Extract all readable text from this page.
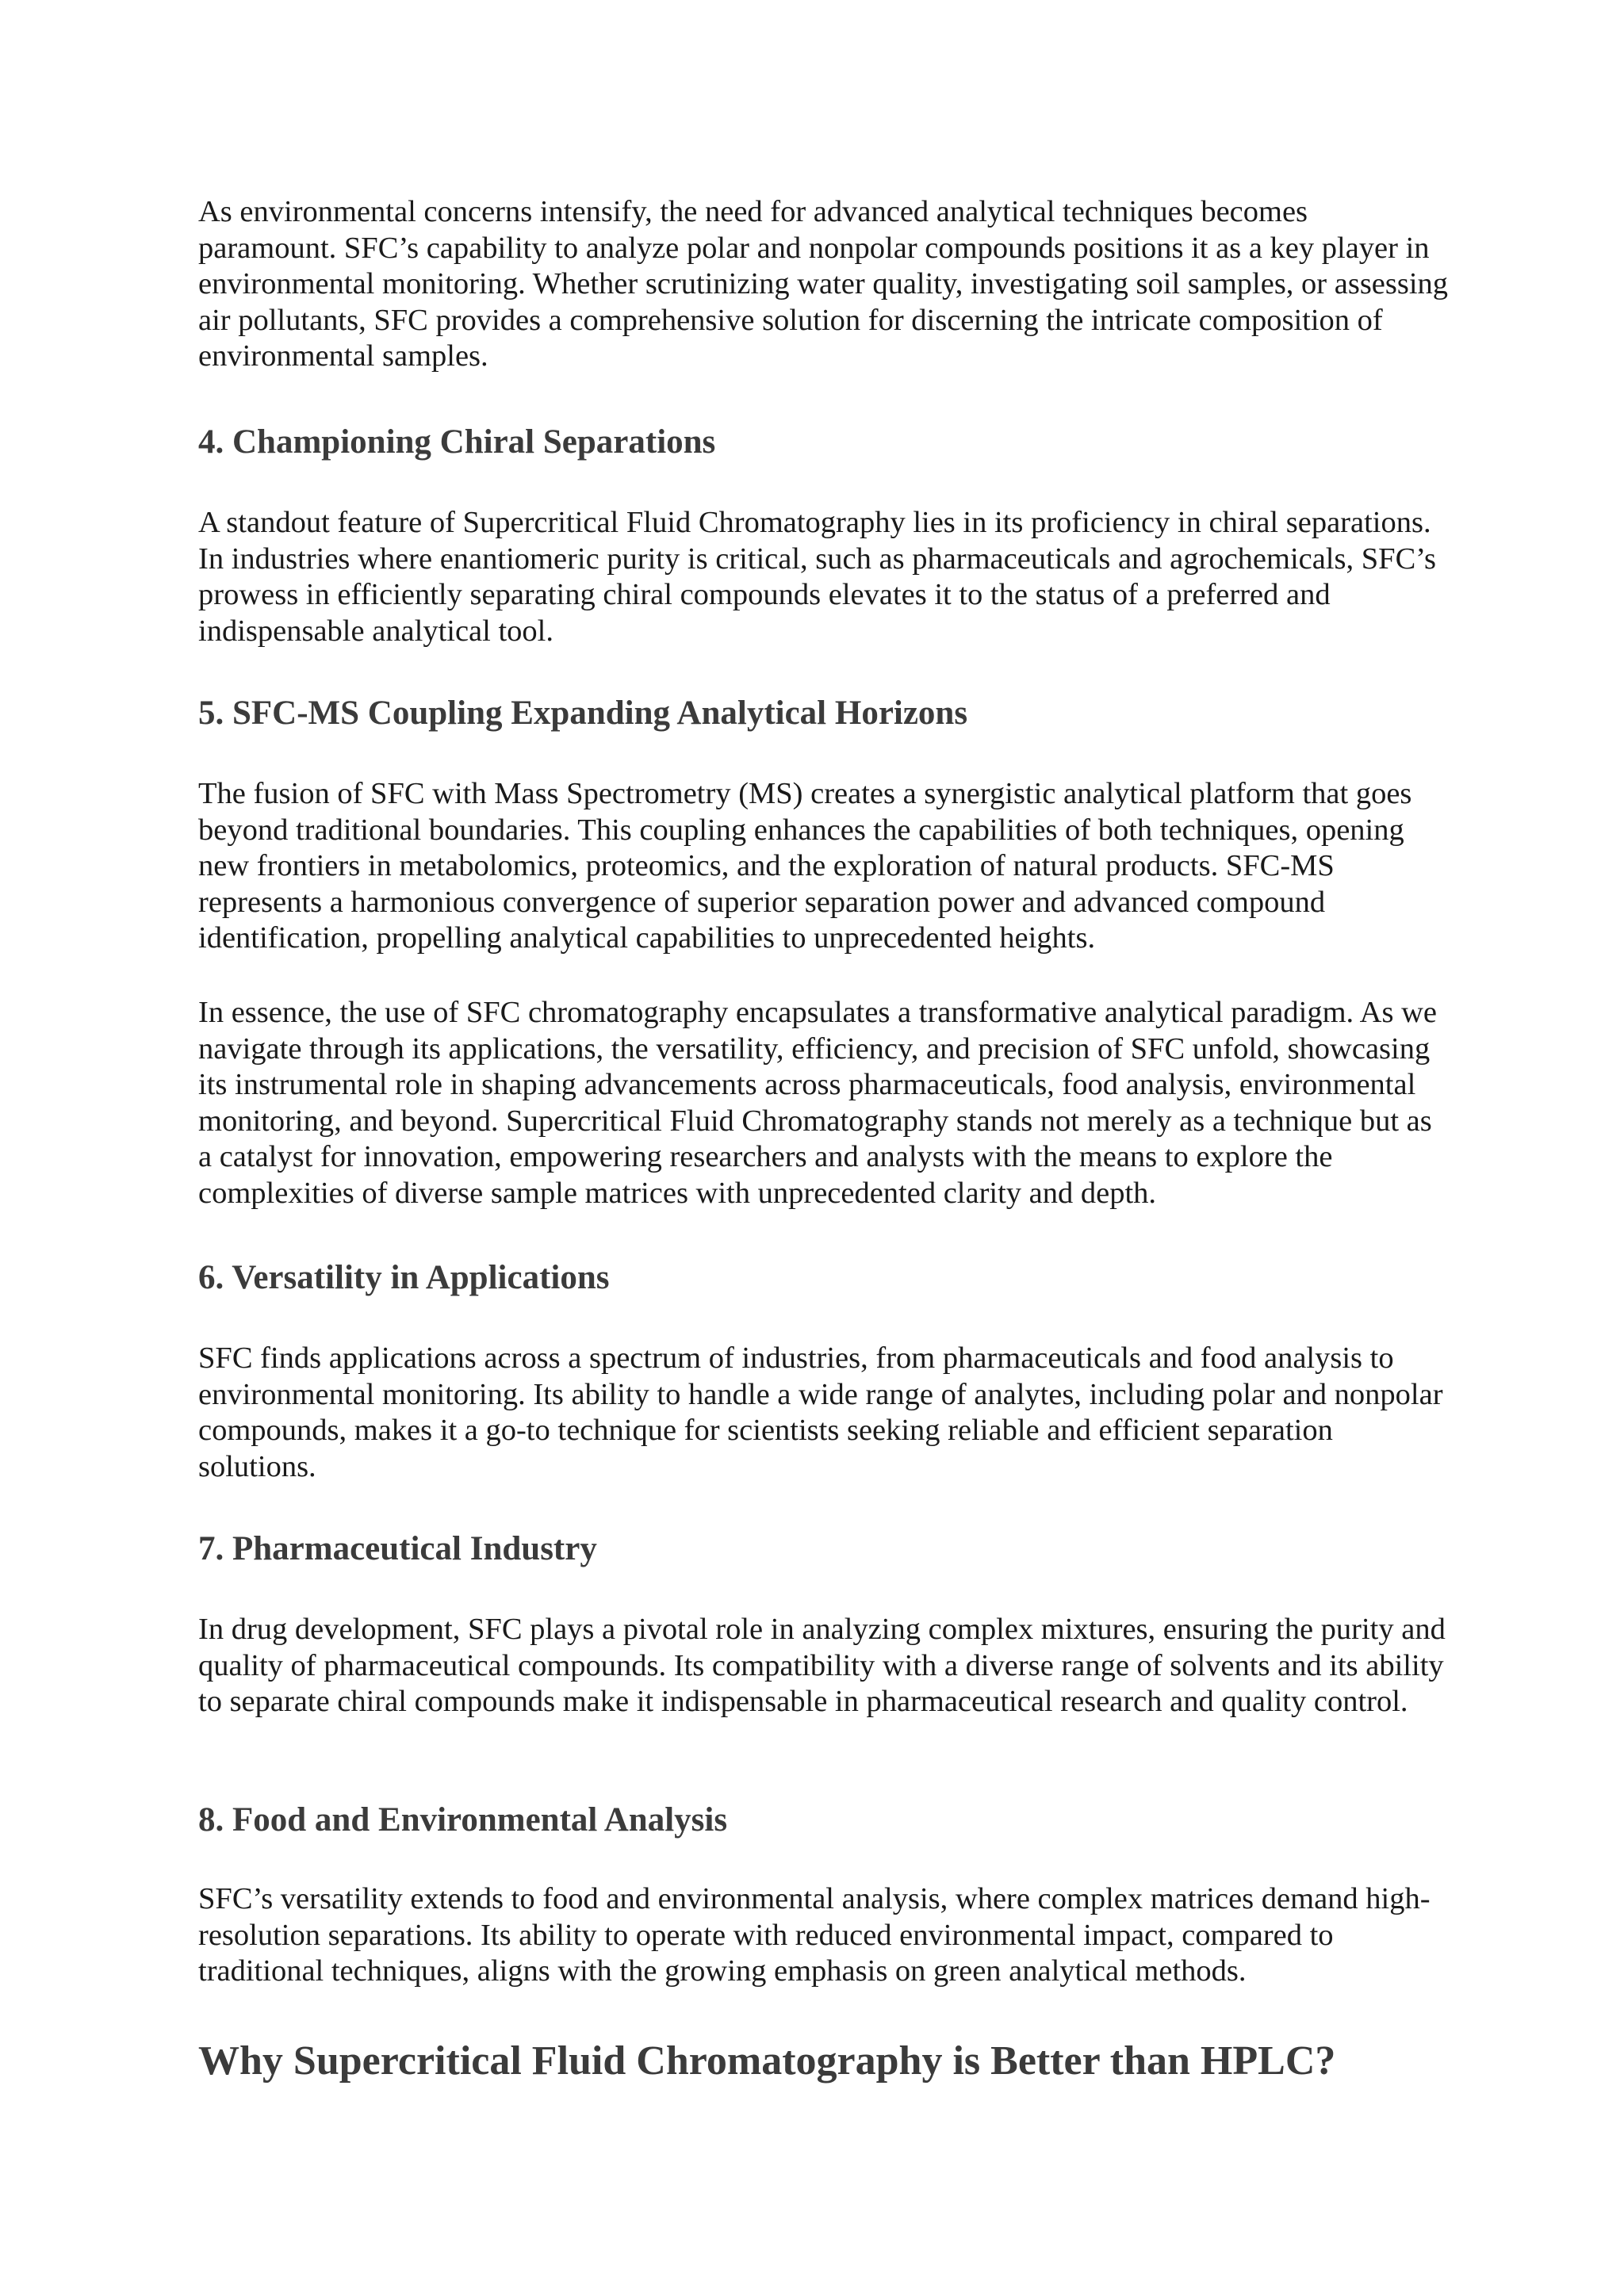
As environmental concerns intensify, the need for advanced analytical techniques becomes paramount. SFC’s capability to analyze polar and nonpolar compounds positions it as a key player in environmental monitoring. Whether scrutinizing water quality, investigating soil samples, or assessing air pollutants, SFC provides a comprehensive solution for discerning the intricate composition of environmental samples.

4. Championing Chiral Separations

A standout feature of Supercritical Fluid Chromatography lies in its proficiency in chiral separations. In industries where enantiomeric purity is critical, such as pharmaceuticals and agrochemicals, SFC’s prowess in efficiently separating chiral compounds elevates it to the status of a preferred and indispensable analytical tool.

5. SFC-MS Coupling Expanding Analytical Horizons

The fusion of SFC with Mass Spectrometry (MS) creates a synergistic analytical platform that goes beyond traditional boundaries. This coupling enhances the capabilities of both techniques, opening new frontiers in metabolomics, proteomics, and the exploration of natural products. SFC-MS represents a harmonious convergence of superior separation power and advanced compound identification, propelling analytical capabilities to unprecedented heights.

In essence, the use of SFC chromatography encapsulates a transformative analytical paradigm. As we navigate through its applications, the versatility, efficiency, and precision of SFC unfold, showcasing its instrumental role in shaping advancements across pharmaceuticals, food analysis, environmental monitoring, and beyond. Supercritical Fluid Chromatography stands not merely as a technique but as a catalyst for innovation, empowering researchers and analysts with the means to explore the complexities of diverse sample matrices with unprecedented clarity and depth.

6. Versatility in Applications

SFC finds applications across a spectrum of industries, from pharmaceuticals and food analysis to environmental monitoring. Its ability to handle a wide range of analytes, including polar and nonpolar compounds, makes it a go-to technique for scientists seeking reliable and efficient separation solutions.

7. Pharmaceutical Industry

In drug development, SFC plays a pivotal role in analyzing complex mixtures, ensuring the purity and quality of pharmaceutical compounds. Its compatibility with a diverse range of solvents and its ability to separate chiral compounds make it indispensable in pharmaceutical research and quality control.

8. Food and Environmental Analysis

SFC’s versatility extends to food and environmental analysis, where complex matrices demand high-resolution separations. Its ability to operate with reduced environmental impact, compared to traditional techniques, aligns with the growing emphasis on green analytical methods.

Why Supercritical Fluid Chromatography is Better than HPLC?
